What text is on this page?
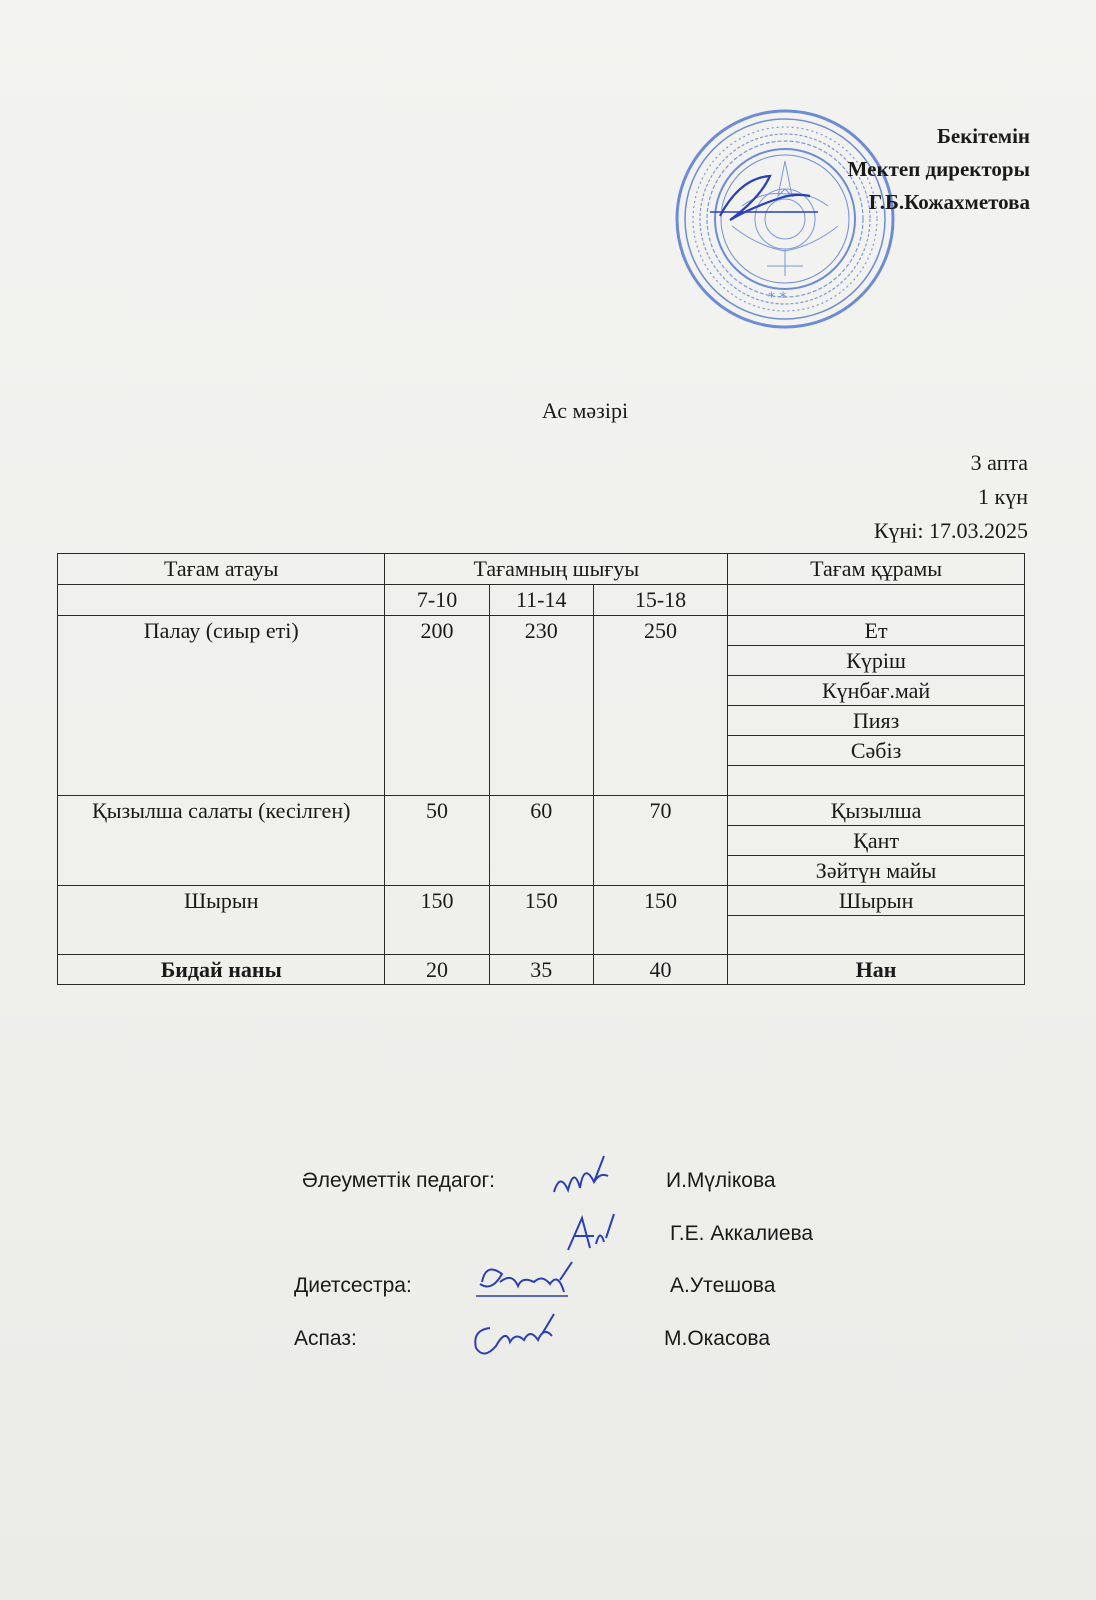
* *
Бекітемін
Мектеп директоры
Г.Б.Кожахметова
Ас мәзірі
3 апта
1 күн
Күні: 17.03.2025
Тағам атауы	Тағамның шығуы			Тағам құрамы
	7-10	11-14	15-18	
Палау (сиыр еті)	200	230	250	Ет
				Күріш
				Күнбағ.май
				Пияз
				Сәбіз

Қызылша салаты (кесілген)	50	60	70	Қызылша
				Қант
				Зәйтүн майы
Шырын	150	150	150	Шырын

Бидай наны	20	35	40	Нан
Әлеуметтік педагог:	И.Мүлікова
Г.Е. Аккалиева
Диетсестра:	А.Утешова
Аспаз:	М.Окасова
